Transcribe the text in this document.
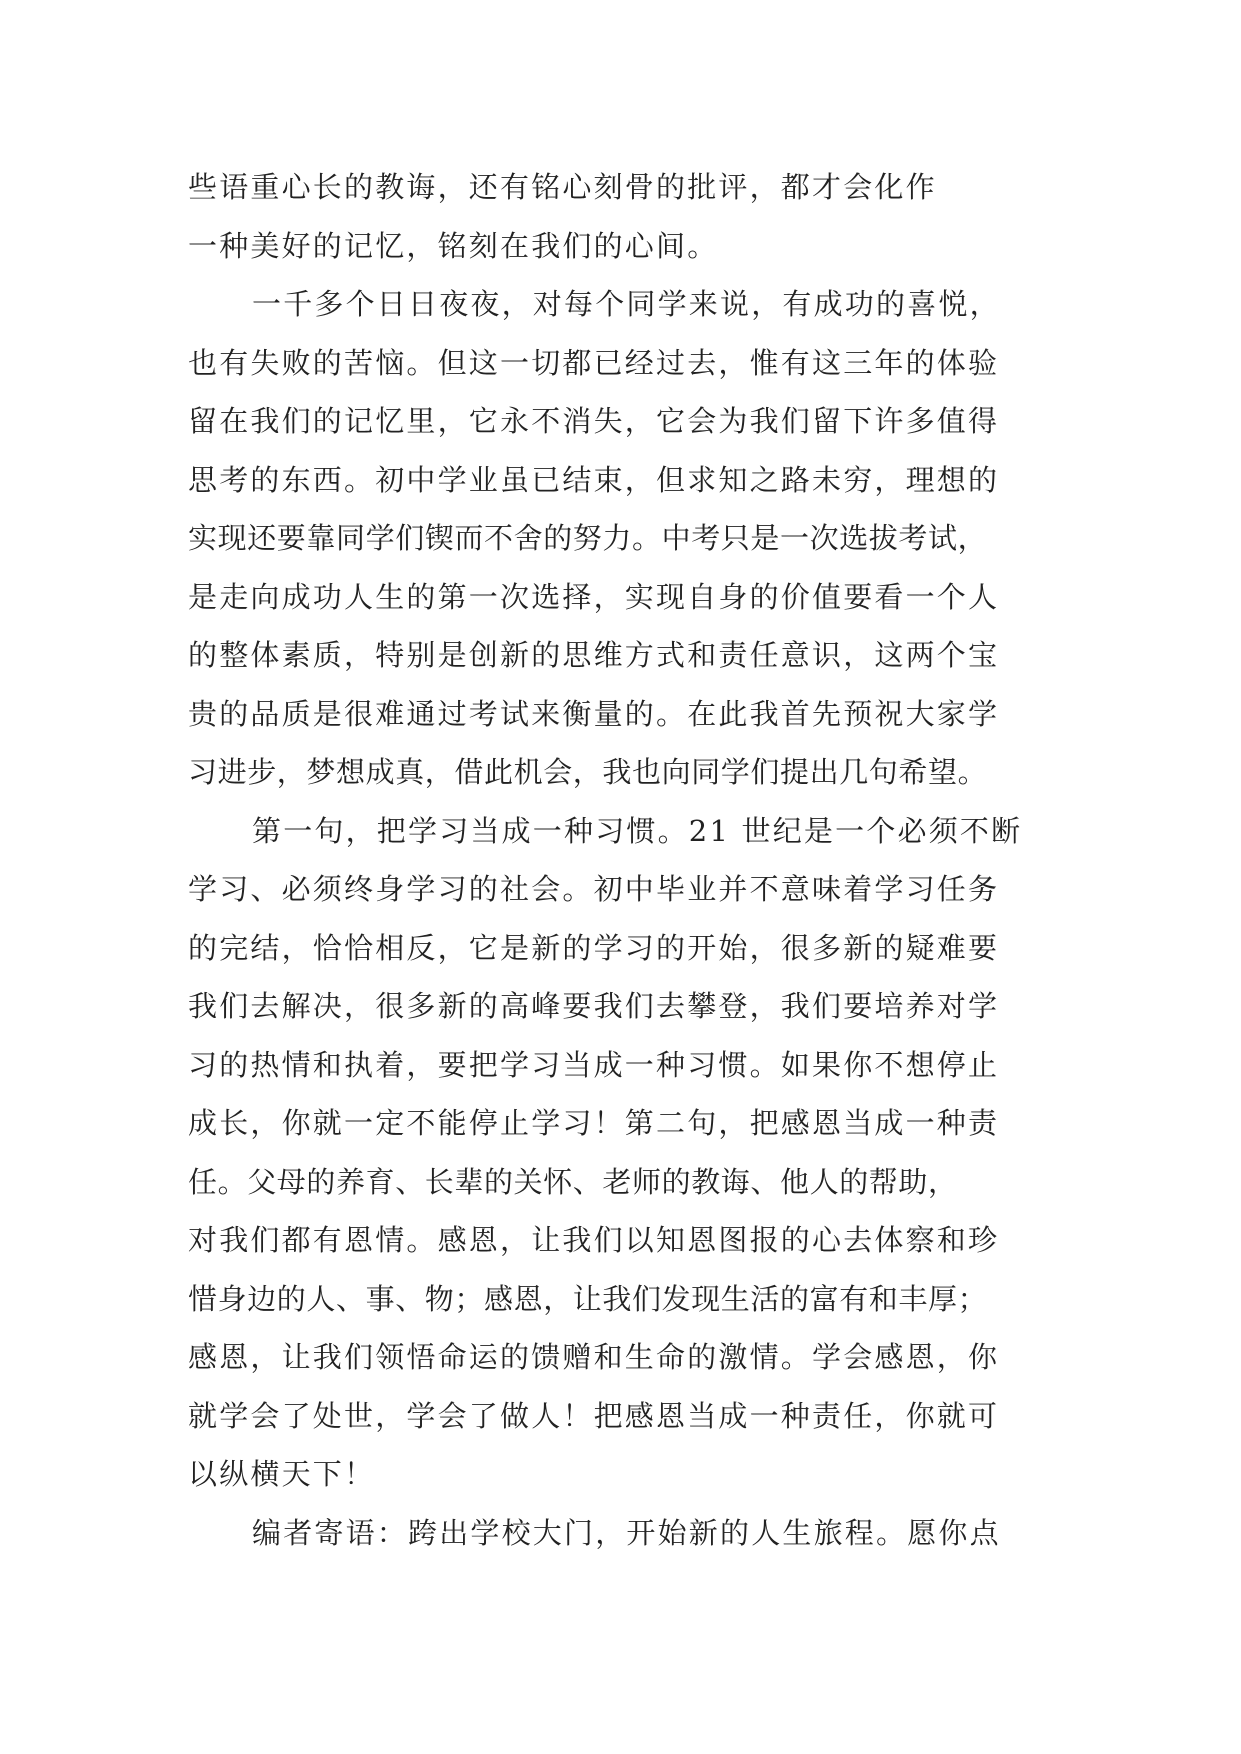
些语重心长的教诲，还有铭心刻骨的批评，都才会化作
一种美好的记忆，铭刻在我们的心间。
一千多个日日夜夜，对每个同学来说，有成功的喜悦，
也有失败的苦恼。但这一切都已经过去，惟有这三年的体验
留在我们的记忆里，它永不消失，它会为我们留下许多值得
思考的东西。初中学业虽已结束，但求知之路未穷，理想的
实现还要靠同学们锲而不舍的努力。中考只是一次选拔考试，
是走向成功人生的第一次选择，实现自身的价值要看一个人
的整体素质，特别是创新的思维方式和责任意识，这两个宝
贵的品质是很难通过考试来衡量的。在此我首先预祝大家学
习进步，梦想成真，借此机会，我也向同学们提出几句希望。
第一句，把学习当成一种习惯。21 世纪是一个必须不断
学习、必须终身学习的社会。初中毕业并不意味着学习任务
的完结，恰恰相反，它是新的学习的开始，很多新的疑难要
我们去解决，很多新的高峰要我们去攀登，我们要培养对学
习的热情和执着，要把学习当成一种习惯。如果你不想停止
成长，你就一定不能停止学习！第二句，把感恩当成一种责
任。父母的养育、长辈的关怀、老师的教诲、他人的帮助，
对我们都有恩情。感恩，让我们以知恩图报的心去体察和珍
惜身边的人、事、物；感恩，让我们发现生活的富有和丰厚；
感恩，让我们领悟命运的馈赠和生命的激情。学会感恩，你
就学会了处世，学会了做人！把感恩当成一种责任，你就可
以纵横天下！
编者寄语：跨出学校大门，开始新的人生旅程。愿你点
